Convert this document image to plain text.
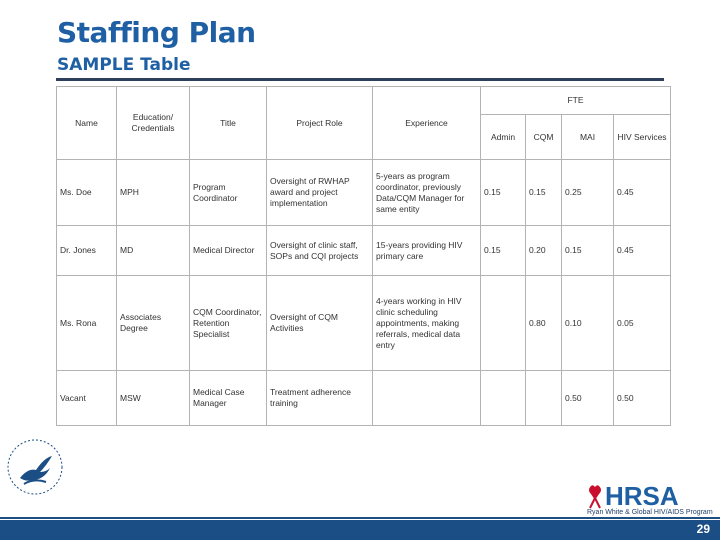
Staffing Plan
SAMPLE Table
Name	Education/ Credentials	Title	Project Role	Experience	FTE			
					Admin	CQM	MAI	HIV Services
Ms. Doe	MPH	Program Coordinator	Oversight of RWHAP award and project implementation	5-years as program coordinator, previously Data/CQM Manager for same entity	0.15	0.15	0.25	0.45
Dr. Jones	MD	Medical Director	Oversight of clinic staff, SOPs and CQI projects	15-years providing HIV primary care	0.15	0.20	0.15	0.45
Ms. Rona	Associates Degree	CQM Coordinator, Retention Specialist	Oversight of CQM Activities	4-years working in HIV clinic scheduling appointments, making referrals, medical data entry		0.80	0.10	0.05
Vacant	MSW	Medical Case Manager	Treatment adherence training				0.50	0.50
HRSA
Ryan White & Global HIV/AIDS Program
29
